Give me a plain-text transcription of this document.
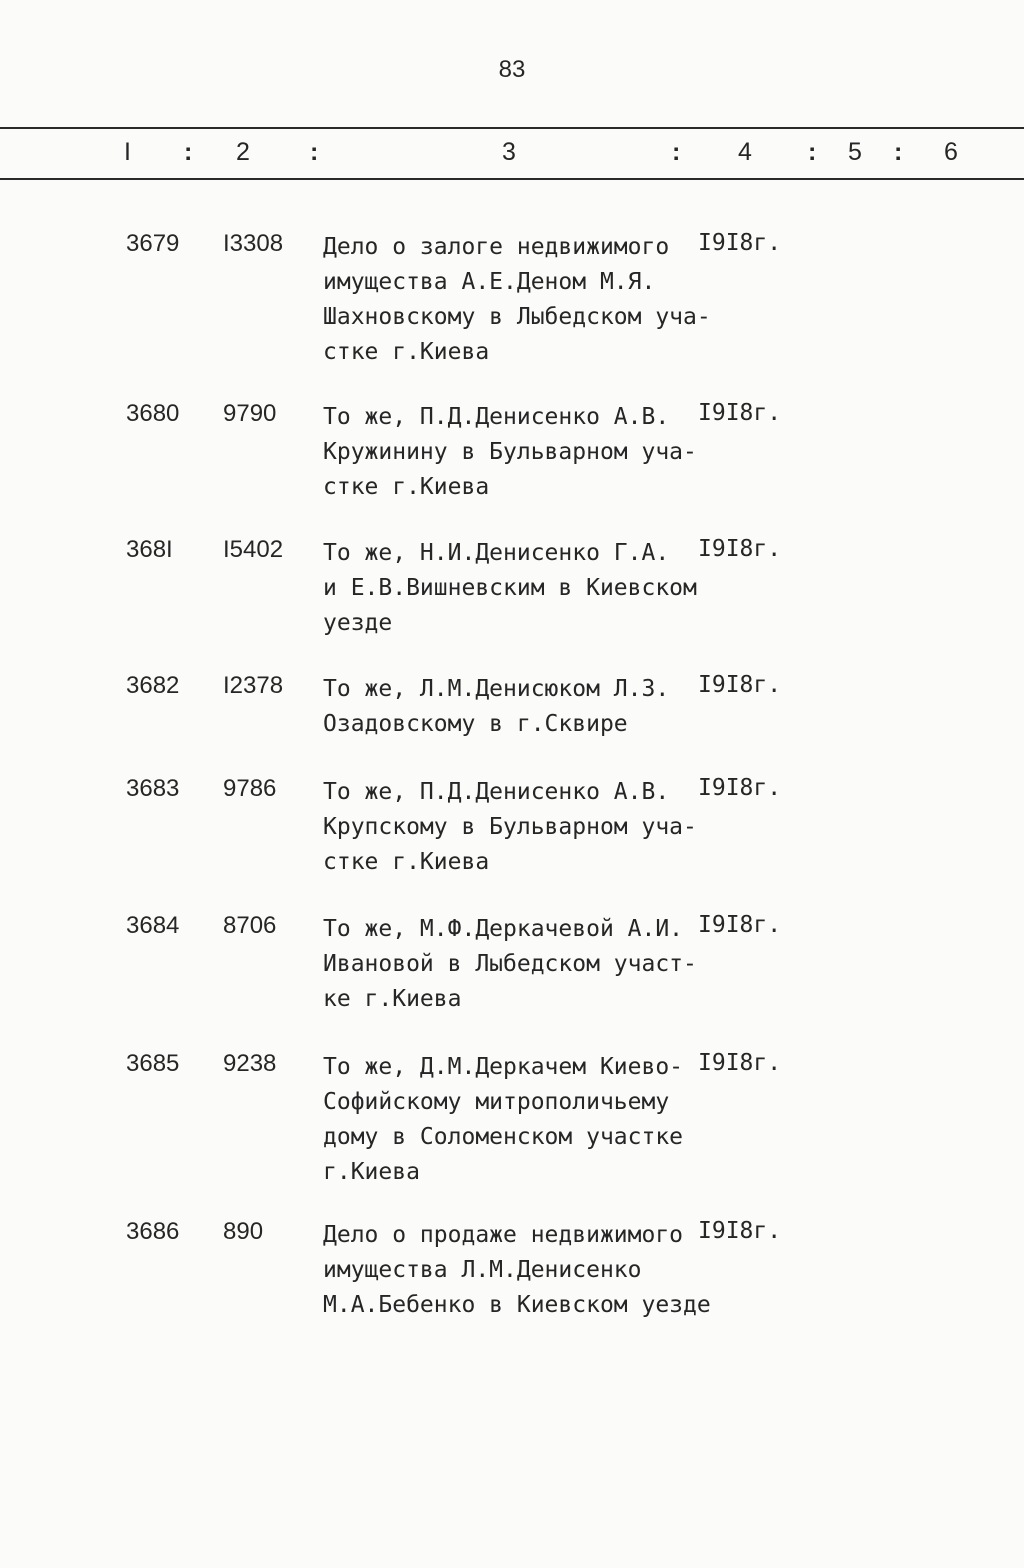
83
I : 2 :	3	: 4 : 5 : 6
3679	I3308	Дело о залоге недвижимого
имущества А.Е.Деном М.Я.
Шахновскому в Лыбедском уча-
стке г.Киева
I9I8г.
3680	9790	То же, П.Д.Денисенко А.В.
Кружинину в Бульварном уча-
стке г.Киева
I9I8г.
368I	I5402	То же, Н.И.Денисенко Г.А.
и Е.В.Вишневским в Киевском
уезде
I9I8г.
3682	I2378	То же, Л.М.Денисюком Л.З.
Озадовскому в г.Сквире
I9I8г.
3683	9786	То же, П.Д.Денисенко А.В.
Крупскому в Бульварном уча-
стке г.Киева
I9I8г.
3684	8706	То же, М.Ф.Деркачевой А.И.
Ивановой в Лыбедском участ-
ке г.Киева
I9I8г.
3685	9238	То же, Д.М.Деркачем Киево-
Софийскому митрополичьему
дому в Соломенском участке
г.Киева
I9I8г.
3686	890	Дело о продаже недвижимого
имущества Л.М.Денисенко
М.А.Бебенко в Киевском уезде
I9I8г.
